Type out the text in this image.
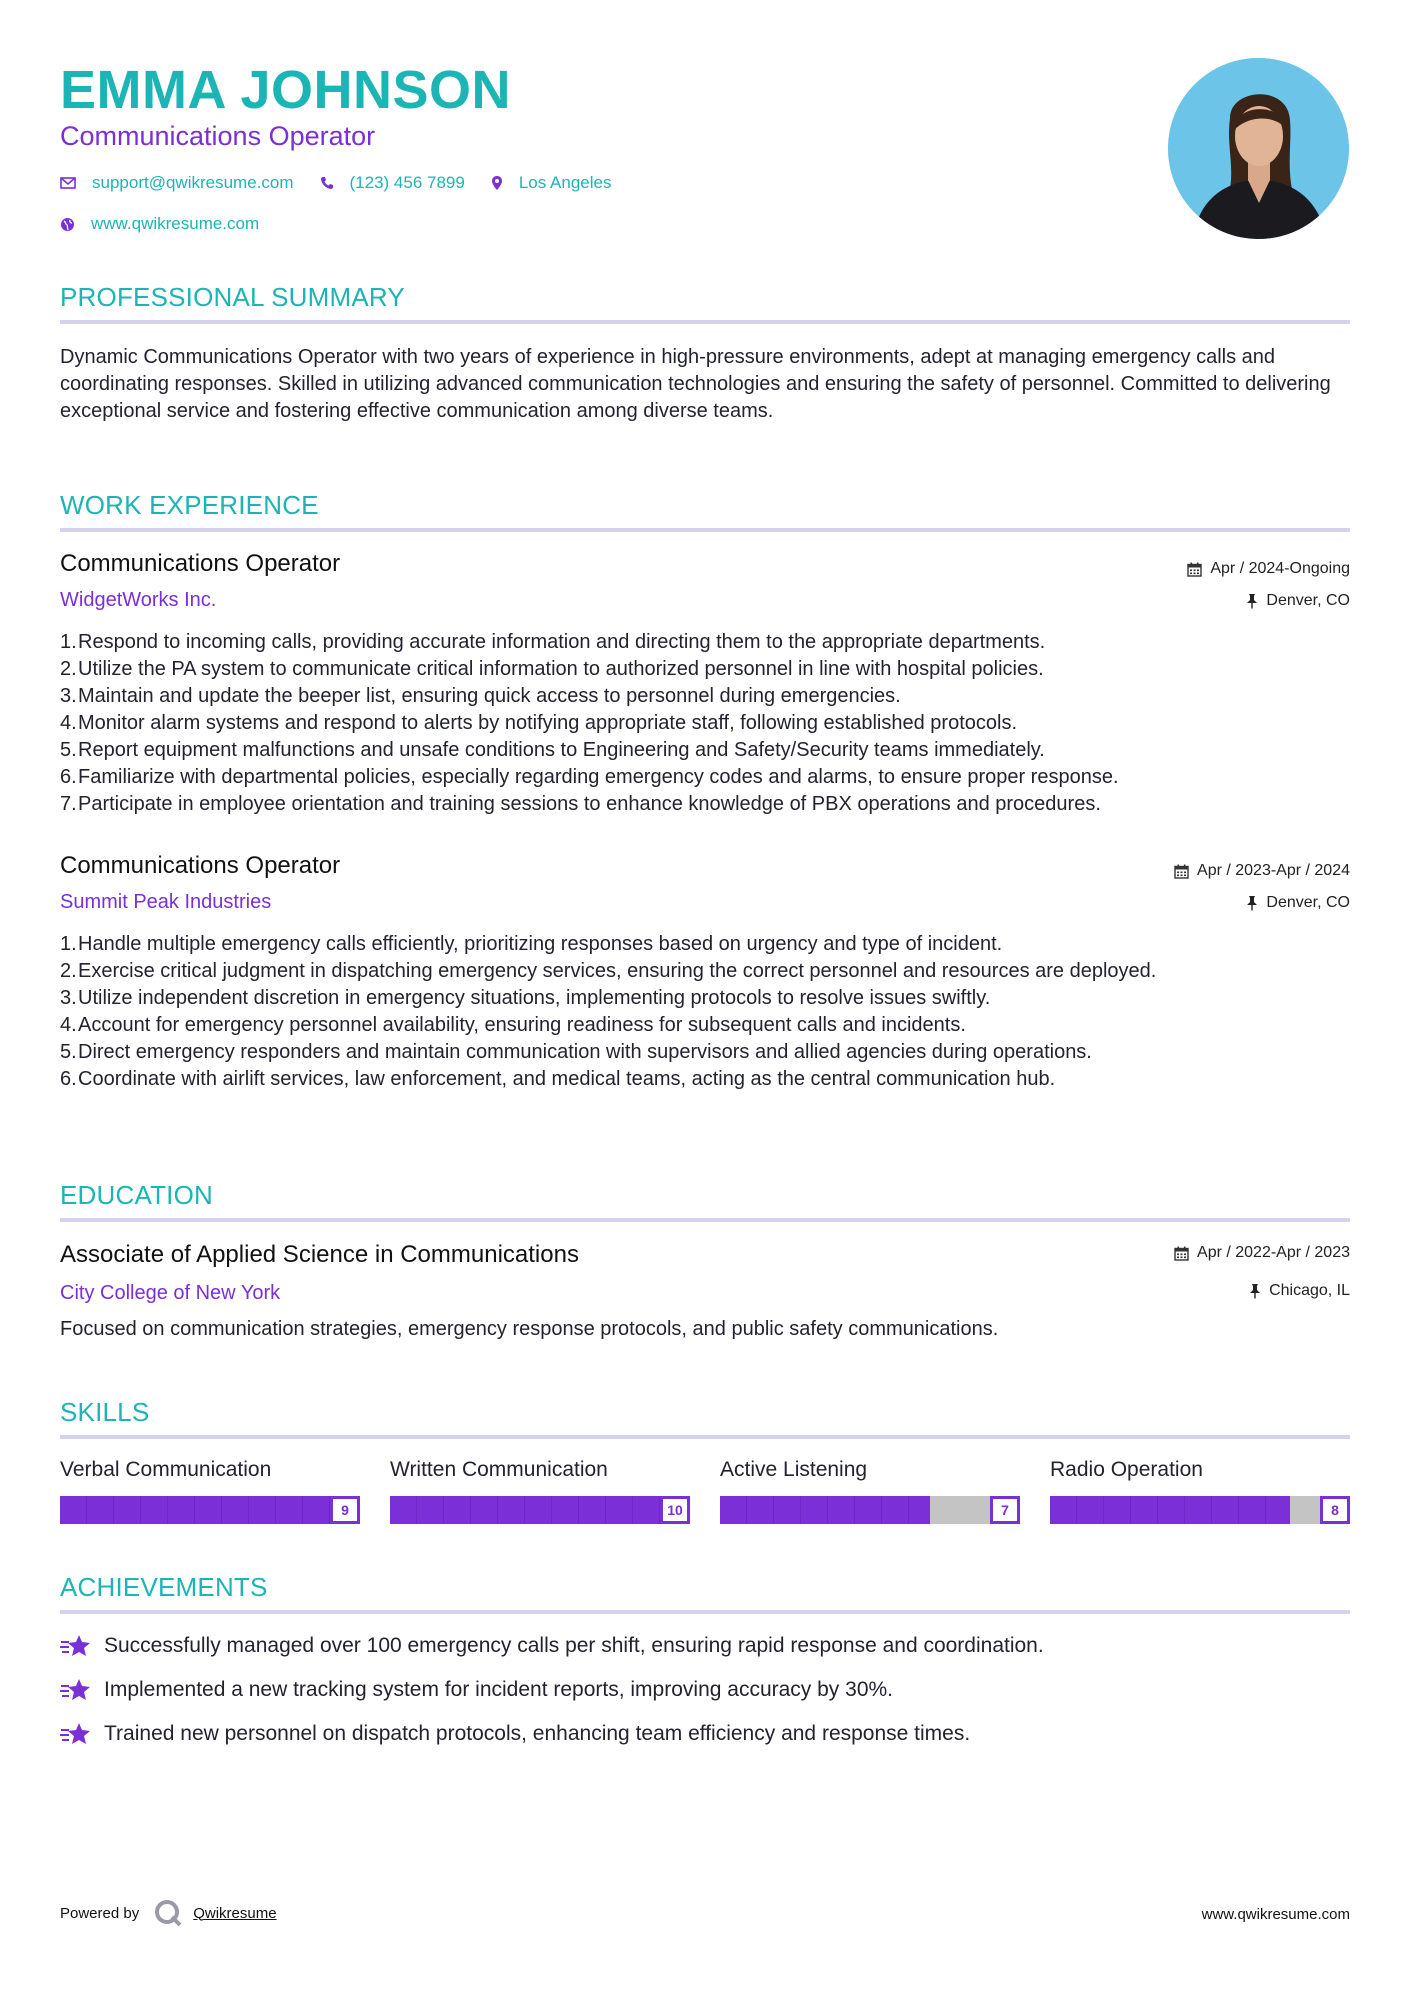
EMMA JOHNSON
Communications Operator
support@qwikresume.com	(123) 456 7899	Los Angeles
www.qwikresume.com
PROFESSIONAL SUMMARY
Dynamic Communications Operator with two years of experience in high-pressure environments, adept at managing emergency calls and coordinating responses. Skilled in utilizing advanced communication technologies and ensuring the safety of personnel. Committed to delivering exceptional service and fostering effective communication among diverse teams.
WORK EXPERIENCE
Communications Operator	Apr / 2024-Ongoing
WidgetWorks Inc.	Denver, CO
1. Respond to incoming calls, providing accurate information and directing them to the appropriate departments.
2. Utilize the PA system to communicate critical information to authorized personnel in line with hospital policies.
3. Maintain and update the beeper list, ensuring quick access to personnel during emergencies.
4. Monitor alarm systems and respond to alerts by notifying appropriate staff, following established protocols.
5. Report equipment malfunctions and unsafe conditions to Engineering and Safety/Security teams immediately.
6. Familiarize with departmental policies, especially regarding emergency codes and alarms, to ensure proper response.
7. Participate in employee orientation and training sessions to enhance knowledge of PBX operations and procedures.
Communications Operator	Apr / 2023-Apr / 2024
Summit Peak Industries	Denver, CO
1. Handle multiple emergency calls efficiently, prioritizing responses based on urgency and type of incident.
2. Exercise critical judgment in dispatching emergency services, ensuring the correct personnel and resources are deployed.
3. Utilize independent discretion in emergency situations, implementing protocols to resolve issues swiftly.
4. Account for emergency personnel availability, ensuring readiness for subsequent calls and incidents.
5. Direct emergency responders and maintain communication with supervisors and allied agencies during operations.
6. Coordinate with airlift services, law enforcement, and medical teams, acting as the central communication hub.
EDUCATION
Associate of Applied Science in Communications	Apr / 2022-Apr / 2023
City College of New York	Chicago, IL
Focused on communication strategies, emergency response protocols, and public safety communications.
SKILLS
Verbal Communication
9
Written Communication
10
Active Listening
7
Radio Operation
8
ACHIEVEMENTS
Successfully managed over 100 emergency calls per shift, ensuring rapid response and coordination.
Implemented a new tracking system for incident reports, improving accuracy by 30%.
Trained new personnel on dispatch protocols, enhancing team efficiency and response times.
Powered by	Qwikresume	www.qwikresume.com
